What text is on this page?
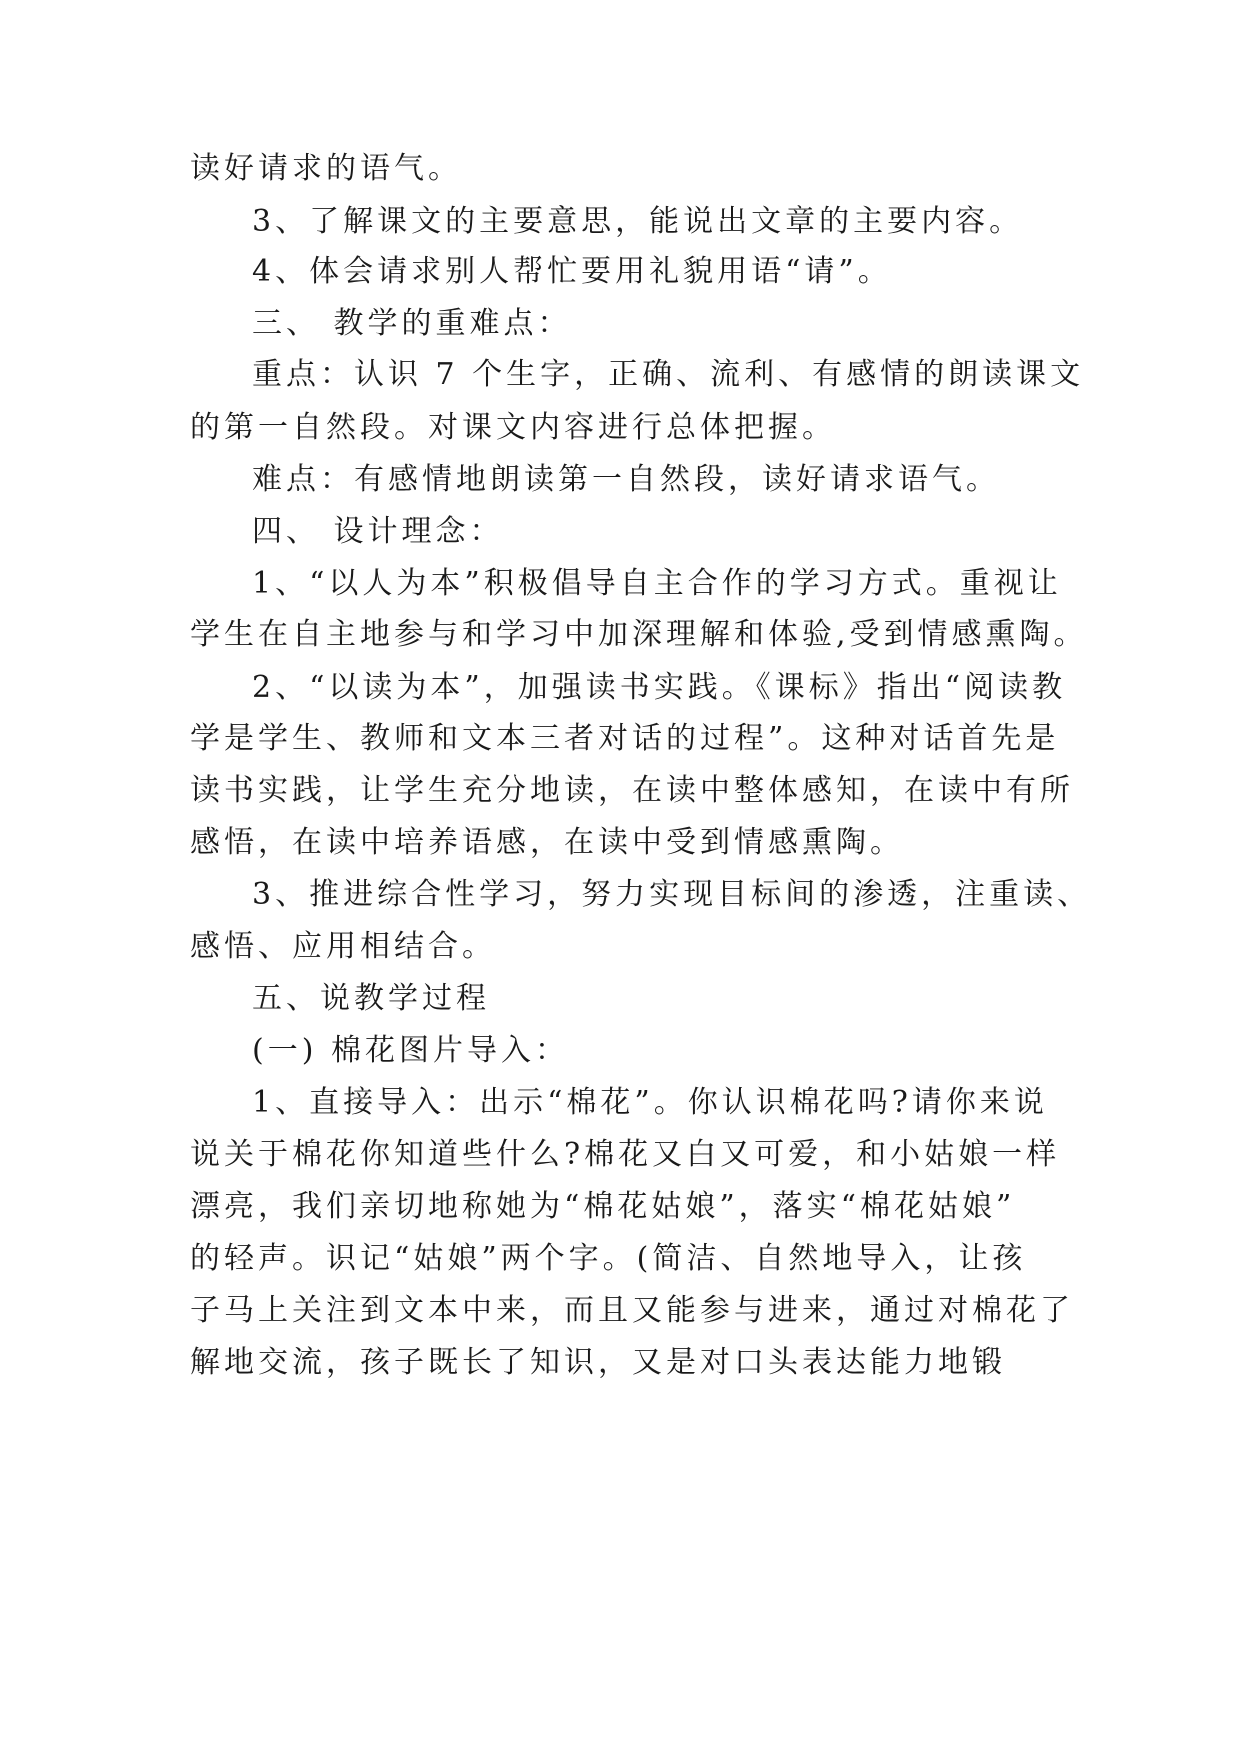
读好请求的语气。
3、了解课文的主要意思，能说出文章的主要内容。
4、体会请求别人帮忙要用礼貌用语“请”。
三、 教学的重难点：
重点：认识 7 个生字，正确、流利、有感情的朗读课文
的第一自然段。对课文内容进行总体把握。
难点：有感情地朗读第一自然段，读好请求语气。
四、 设计理念：
1、“以人为本”积极倡导自主合作的学习方式。重视让
学生在自主地参与和学习中加深理解和体验,受到情感熏陶。
2、“以读为本”，加强读书实践。《课标》指出“阅读教
学是学生、教师和文本三者对话的过程”。这种对话首先是
读书实践，让学生充分地读，在读中整体感知，在读中有所
感悟，在读中培养语感，在读中受到情感熏陶。
3、推进综合性学习，努力实现目标间的渗透，注重读、
感悟、应用相结合。
五、说教学过程
(一) 棉花图片导入：
1、直接导入：出示“棉花”。你认识棉花吗?请你来说
说关于棉花你知道些什么?棉花又白又可爱，和小姑娘一样
漂亮，我们亲切地称她为“棉花姑娘”，落实“棉花姑娘”
的轻声。识记“姑娘”两个字。(简洁、自然地导入，让孩
子马上关注到文本中来，而且又能参与进来，通过对棉花了
解地交流，孩子既长了知识，又是对口头表达能力地锻
